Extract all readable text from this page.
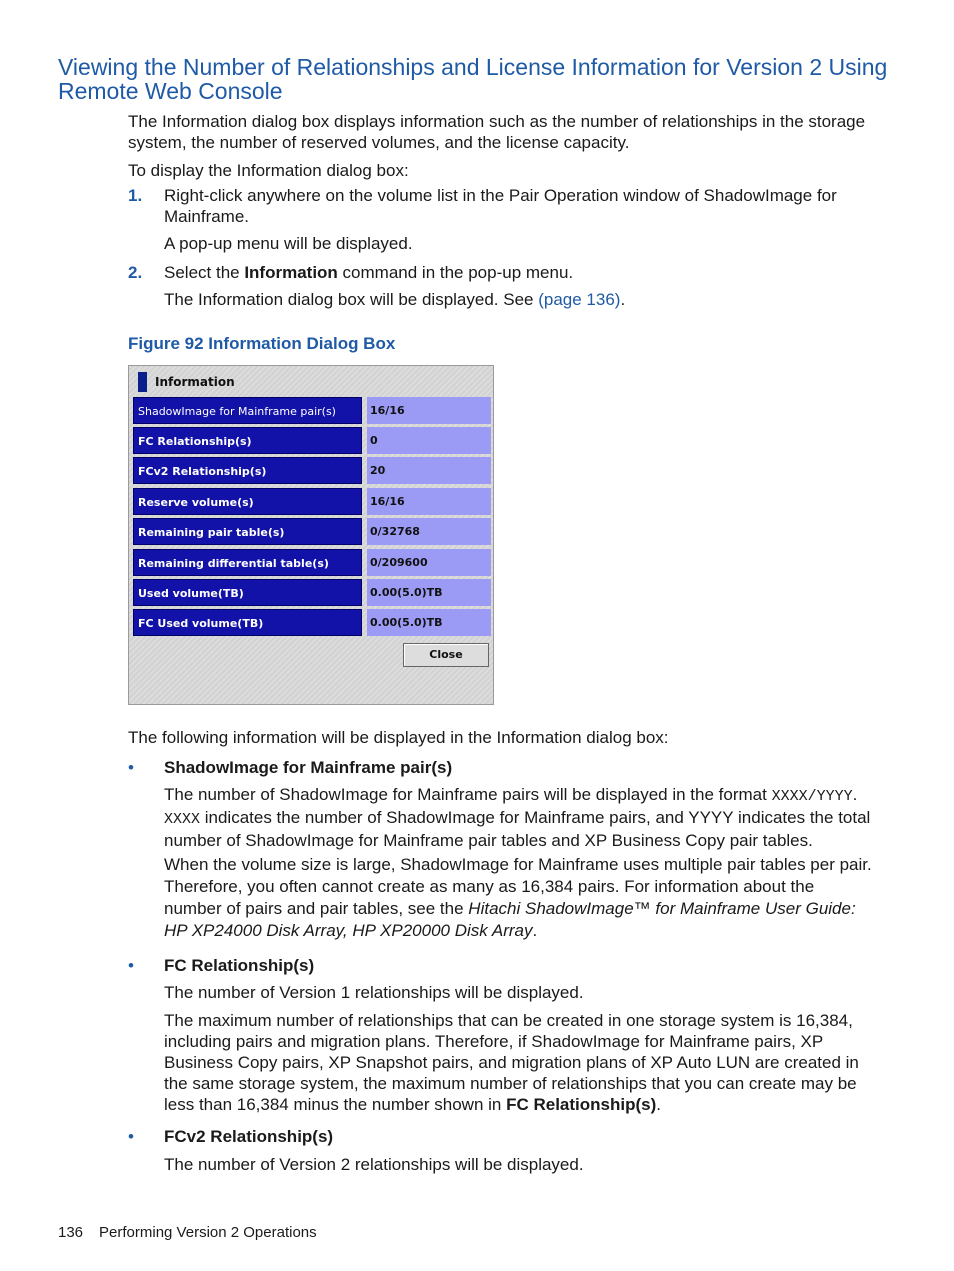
Viewing the Number of Relationships and License Information for Version 2 Using Remote Web Console

The Information dialog box displays information such as the number of relationships in the storage system, the number of reserved volumes, and the license capacity.

To display the Information dialog box:

1. Right-click anywhere on the volume list in the Pair Operation window of ShadowImage for Mainframe.

A pop-up menu will be displayed.

2. Select the Information command in the pop-up menu.

The Information dialog box will be displayed. See (page 136).

Figure 92 Information Dialog Box
Information
ShadowImage for Mainframe pair(s)	16/16
FC Relationship(s)	0
FCv2 Relationship(s)	20
Reserve volume(s)	16/16
Remaining pair table(s)	0/32768
Remaining differential table(s)	0/209600
Used volume(TB)	0.00(5.0)TB
FC Used volume(TB)	0.00(5.0)TB
Close

The following information will be displayed in the Information dialog box:

• ShadowImage for Mainframe pair(s)

The number of ShadowImage for Mainframe pairs will be displayed in the format XXXX/YYYY. XXXX indicates the number of ShadowImage for Mainframe pairs, and YYYY indicates the total number of ShadowImage for Mainframe pair tables and XP Business Copy pair tables.

When the volume size is large, ShadowImage for Mainframe uses multiple pair tables per pair. Therefore, you often cannot create as many as 16,384 pairs. For information about the number of pairs and pair tables, see the Hitachi ShadowImage™ for Mainframe User Guide: HP XP24000 Disk Array, HP XP20000 Disk Array.

• FC Relationship(s)

The number of Version 1 relationships will be displayed.

The maximum number of relationships that can be created in one storage system is 16,384, including pairs and migration plans. Therefore, if ShadowImage for Mainframe pairs, XP Business Copy pairs, XP Snapshot pairs, and migration plans of XP Auto LUN are created in the same storage system, the maximum number of relationships that you can create may be less than 16,384 minus the number shown in FC Relationship(s).

• FCv2 Relationship(s)

The number of Version 2 relationships will be displayed.

136 Performing Version 2 Operations
